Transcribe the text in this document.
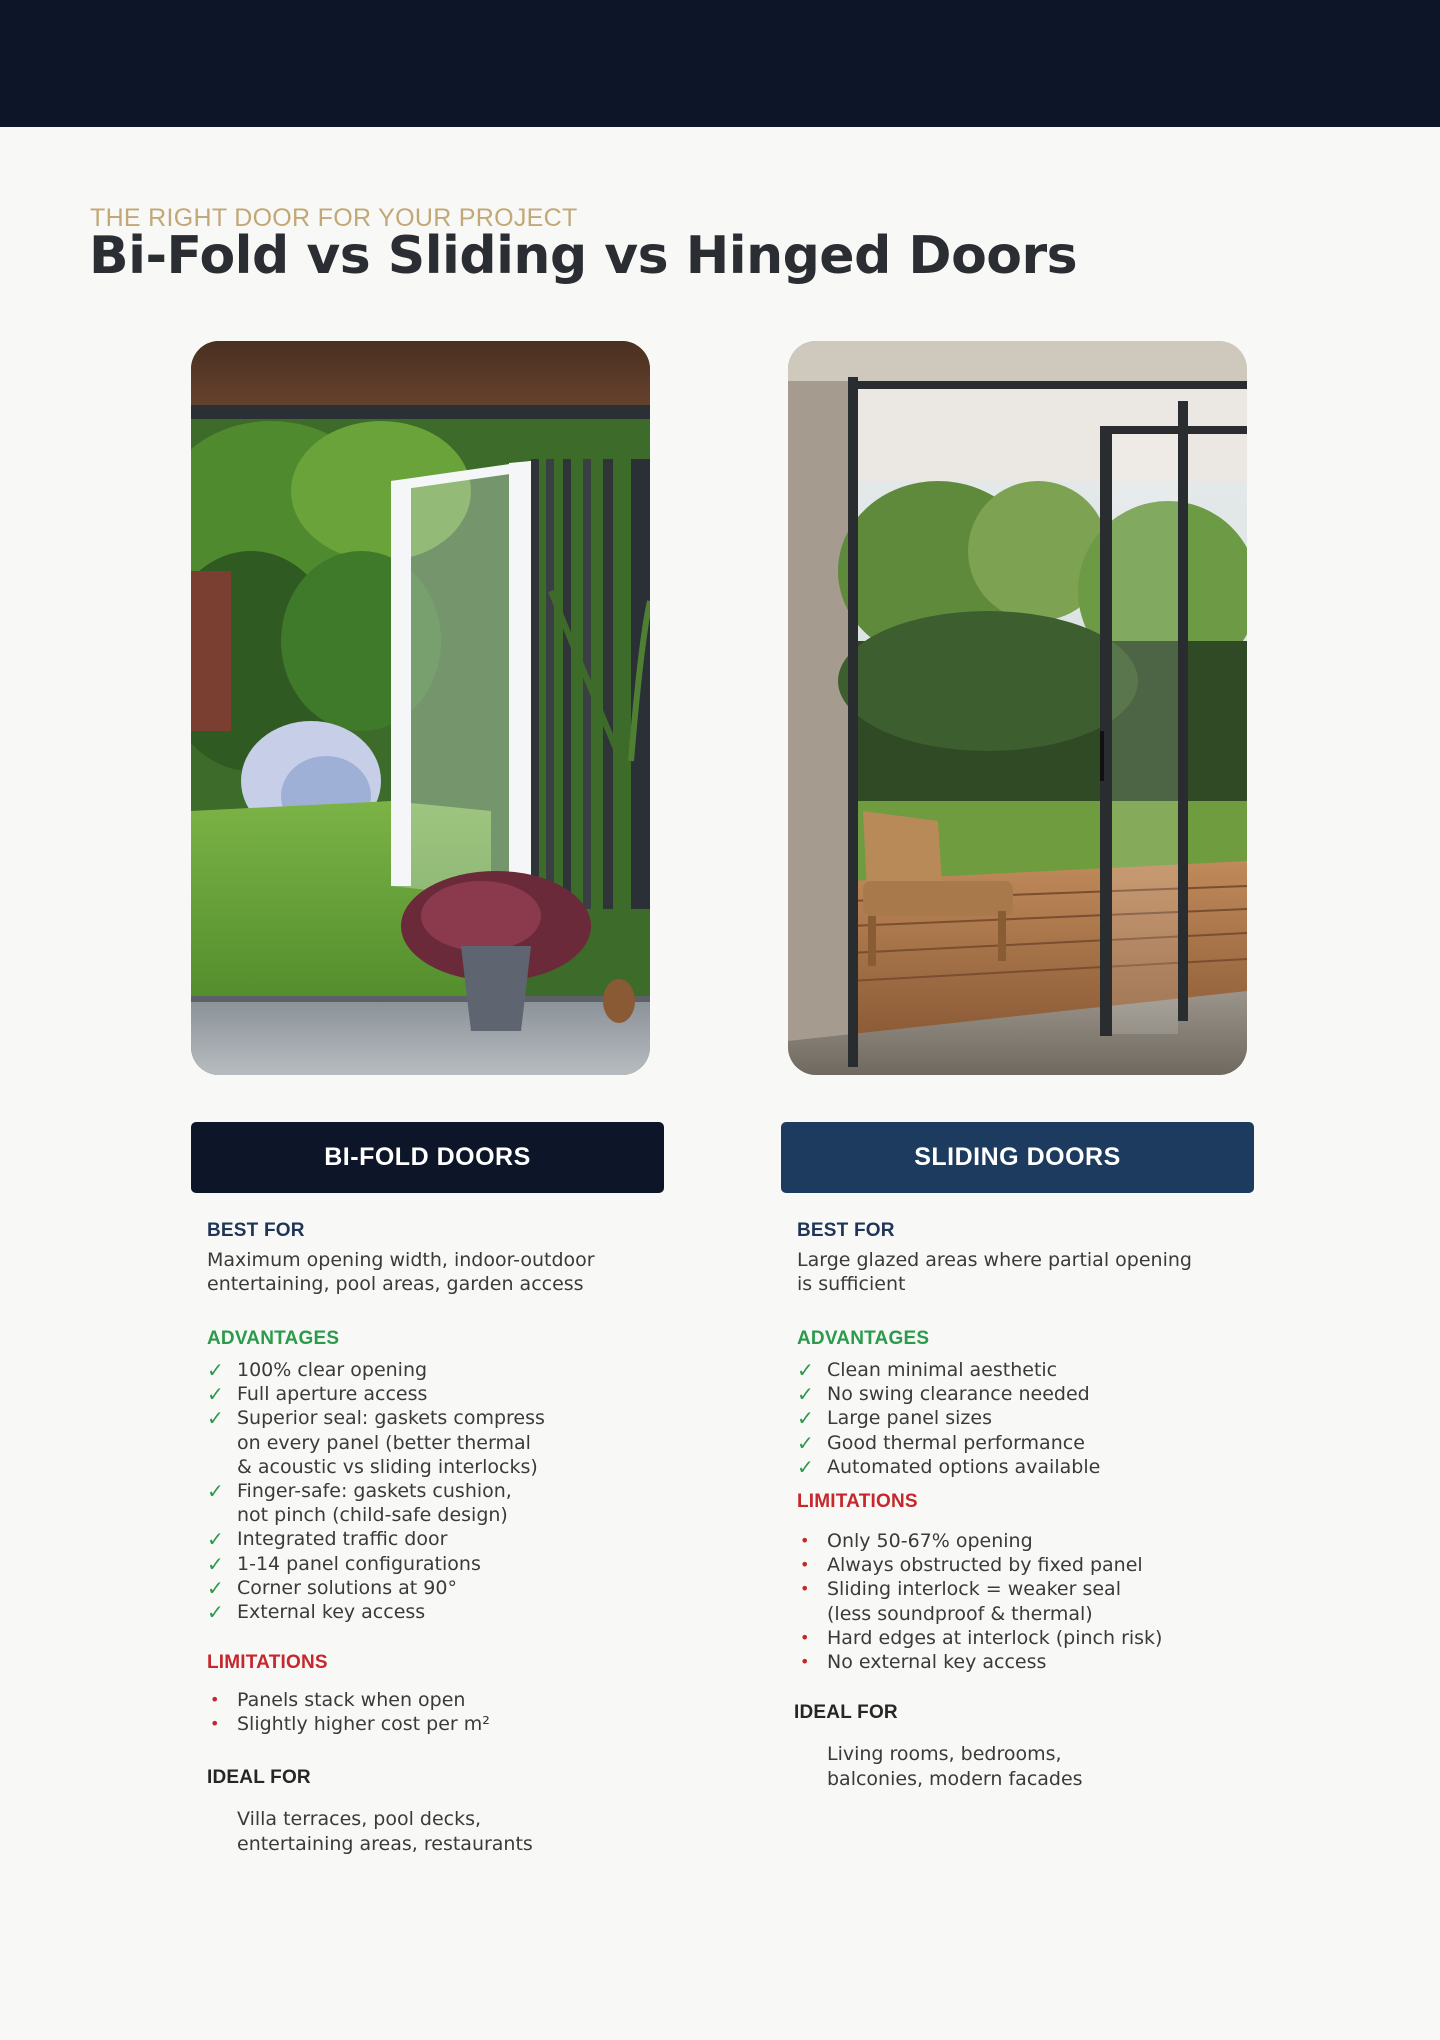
THE RIGHT DOOR FOR YOUR PROJECT
Bi-Fold vs Sliding vs Hinged Doors
BI-FOLD DOORS	SLIDING DOORS

BEST FOR

Maximum opening width, indoor-outdoor
entertaining, pool areas, garden access

ADVANTAGES

✓ 100% clear opening
✓ Full aperture access
✓ Superior seal: gaskets compress
on every panel (better thermal
& acoustic vs sliding interlocks)
✓ Finger-safe: gaskets cushion,
not pinch (child-safe design)
✓ Integrated traffic door
✓ 1-14 panel configurations
✓ Corner solutions at 90°
✓ External key access

LIMITATIONS

• Panels stack when open
• Slightly higher cost per m²

IDEAL FOR

Villa terraces, pool decks,
entertaining areas, restaurants

BEST FOR

Large glazed areas where partial opening
is sufficient

ADVANTAGES

✓ Clean minimal aesthetic
✓ No swing clearance needed
✓ Large panel sizes
✓ Good thermal performance
✓ Automated options available

LIMITATIONS

• Only 50-67% opening
• Always obstructed by fixed panel
• Sliding interlock = weaker seal
(less soundproof & thermal)
• Hard edges at interlock (pinch risk)
• No external key access

IDEAL FOR

Living rooms, bedrooms,
balconies, modern facades
